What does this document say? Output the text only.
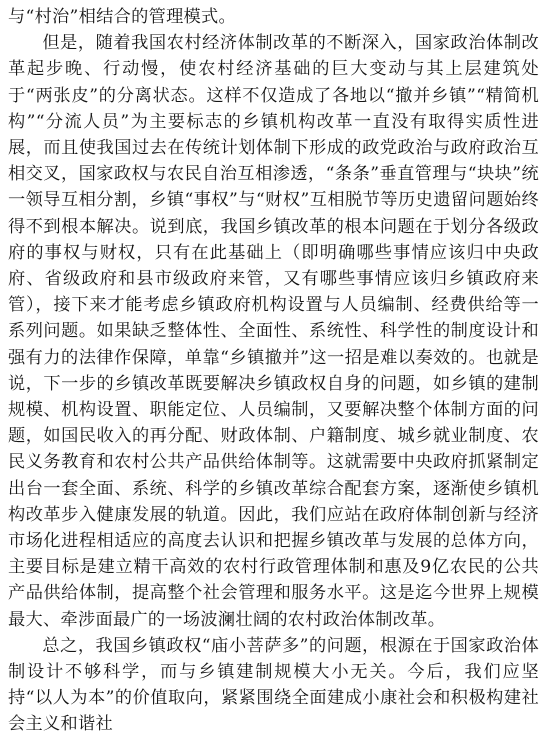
与“村治”相结合的管理模式。

但是，随着我国农村经济体制改革的不断深入，国家政治体制改革起步晚、行动慢，使农村经济基础的巨大变动与其上层建筑处于“两张皮”的分离状态。这样不仅造成了各地以“撤并乡镇”“精简机构”“分流人员”为主要标志的乡镇机构改革一直没有取得实质性进展，而且使我国过去在传统计划体制下形成的政党政治与政府政治互相交叉，国家政权与农民自治互相渗透，“条条”垂直管理与“块块”统一领导互相分割，乡镇“事权”与“财权”互相脱节等历史遗留问题始终得不到根本解决。说到底，我国乡镇改革的根本问题在于划分各级政府的事权与财权，只有在此基础上（即明确哪些事情应该归中央政府、省级政府和县市级政府来管，又有哪些事情应该归乡镇政府来管），接下来才能考虑乡镇政府机构设置与人员编制、经费供给等一系列问题。如果缺乏整体性、全面性、系统性、科学性的制度设计和强有力的法律作保障，单靠“乡镇撤并”这一招是难以奏效的。也就是说，下一步的乡镇改革既要解决乡镇政权自身的问题，如乡镇的建制规模、机构设置、职能定位、人员编制，又要解决整个体制方面的问题，如国民收入的再分配、财政体制、户籍制度、城乡就业制度、农民义务教育和农村公共产品供给体制等。这就需要中央政府抓紧制定出台一套全面、系统、科学的乡镇改革综合配套方案，逐渐使乡镇机构改革步入健康发展的轨道。因此，我们应站在政府体制创新与经济市场化进程相适应的高度去认识和把握乡镇改革与发展的总体方向，主要目标是建立精干高效的农村行政管理体制和惠及9亿农民的公共产品供给体制，提高整个社会管理和服务水平。这是迄今世界上规模最大、牵涉面最广的一场波澜壮阔的农村政治体制改革。

总之，我国乡镇政权“庙小菩萨多”的问题，根源在于国家政治体制设计不够科学，而与乡镇建制规模大小无关。今后，我们应坚持“以人为本”的价值取向，紧紧围绕全面建成小康社会和积极构建社会主义和谐社
